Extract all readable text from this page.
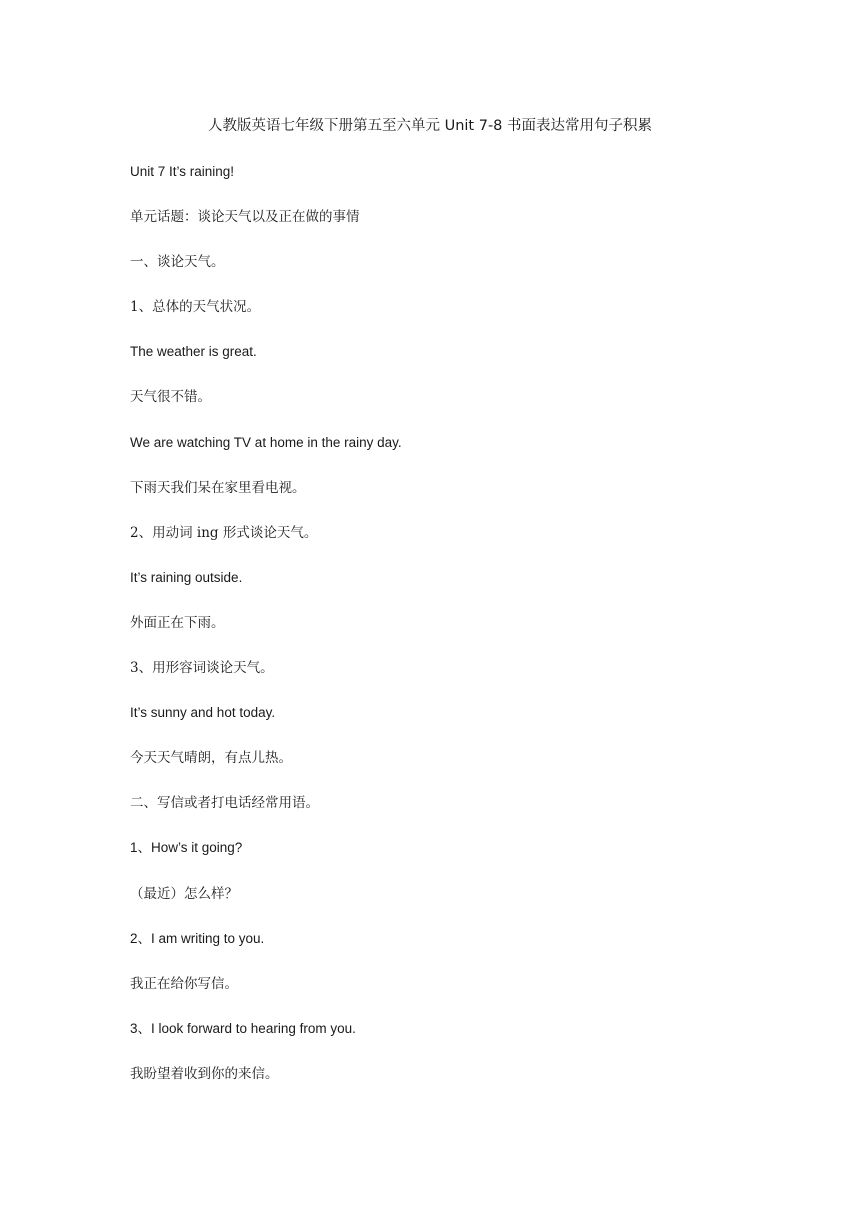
人教版英语七年级下册第五至六单元 Unit 7-8 书面表达常用句子积累
Unit 7 It’s raining!
单元话题：谈论天气以及正在做的事情
一、谈论天气。
1、总体的天气状况。
The weather is great.
天气很不错。
We are watching TV at home in the rainy day.
下雨天我们呆在家里看电视。
2、用动词 ing 形式谈论天气。
It’s raining outside.
外面正在下雨。
3、用形容词谈论天气。
It’s sunny and hot today.
今天天气晴朗，有点儿热。
二、写信或者打电话经常用语。
1、How’s it going?
（最近）怎么样？
2、I am writing to you.
我正在给你写信。
3、I look forward to hearing from you.
我盼望着收到你的来信。
